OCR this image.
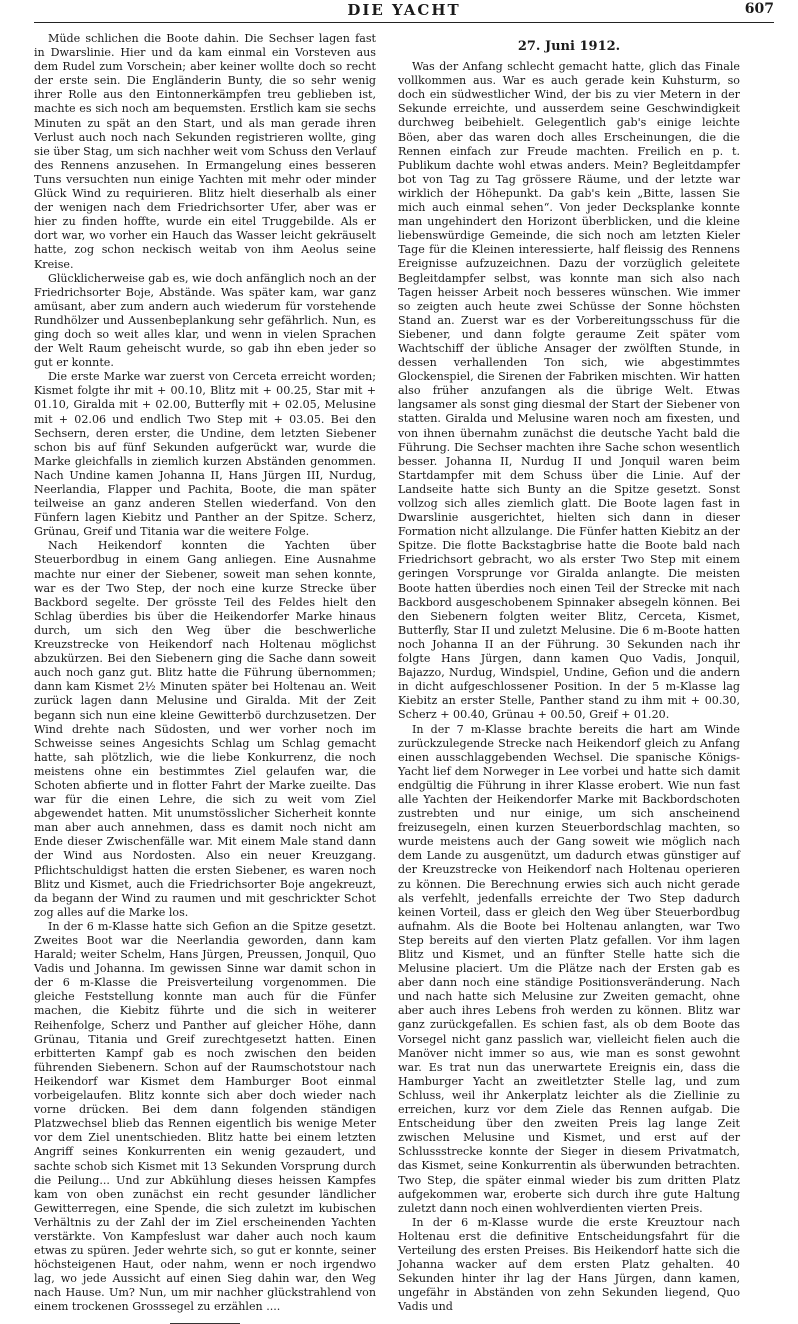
DIE YACHT	607

Müde schlichen die Boote dahin. Die Sechser lagen fast in Dwarslinie. Hier und da kam einmal ein Vorsteven aus dem Rudel zum Vorschein; aber keiner wollte doch so recht der erste sein. Die Engländerin Bunty, die so sehr wenig ihrer Rolle aus den Eintonnerkämpfen treu geblieben ist, machte es sich noch am bequemsten. Erstlich kam sie sechs Minuten zu spät an den Start, und als man gerade ihren Verlust auch noch nach Sekunden registrieren wollte, ging sie über Stag, um sich nachher weit vom Schuss den Verlauf des Rennens anzusehen. In Ermangelung eines besseren Tuns versuchten nun einige Yachten mit mehr oder minder Glück Wind zu requirieren. Blitz hielt dieserhalb als einer der wenigen nach dem Friedrichsorter Ufer, aber was er hier zu finden hoffte, wurde ein eitel Truggebilde. Als er dort war, wo vorher ein Hauch das Wasser leicht gekräuselt hatte, zog schon neckisch weitab von ihm Aeolus seine Kreise.

Glücklicherweise gab es, wie doch anfänglich noch an der Friedrichsorter Boje, Abstände. Was später kam, war ganz amüsant, aber zum andern auch wiederum für vorstehende Rundhölzer und Aussenbeplankung sehr gefährlich. Nun, es ging doch so weit alles klar, und wenn in vielen Sprachen der Welt Raum geheischt wurde, so gab ihn eben jeder so gut er konnte.

Die erste Marke war zuerst von Cerceta erreicht worden; Kismet folgte ihr mit + 00.10, Blitz mit + 00.25, Star mit + 01.10, Giralda mit + 02.00, Butterfly mit + 02.05, Melusine mit + 02.06 und endlich Two Step mit + 03.05. Bei den Sechsern, deren erster, die Undine, dem letzten Siebener schon bis auf fünf Sekunden aufgerückt war, wurde die Marke gleichfalls in ziemlich kurzen Abständen genommen. Nach Undine kamen Johanna II, Hans Jürgen III, Nurdug, Neerlandia, Flapper und Pachita, Boote, die man später teilweise an ganz anderen Stellen wiederfand. Von den Fünfern lagen Kiebitz und Panther an der Spitze. Scherz, Grünau, Greif und Titania war die weitere Folge.

Nach Heikendorf konnten die Yachten über Steuerbordbug in einem Gang anliegen. Eine Ausnahme machte nur einer der Siebener, soweit man sehen konnte, war es der Two Step, der noch eine kurze Strecke über Backbord segelte. Der grösste Teil des Feldes hielt den Schlag überdies bis über die Heikendorfer Marke hinaus durch, um sich den Weg über die beschwerliche Kreuzstrecke von Heikendorf nach Holtenau möglichst abzukürzen. Bei den Siebenern ging die Sache dann soweit auch noch ganz gut. Blitz hatte die Führung übernommen; dann kam Kismet 2½ Minuten später bei Holtenau an. Weit zurück lagen dann Melusine und Giralda. Mit der Zeit begann sich nun eine kleine Gewitterbö durchzusetzen. Der Wind drehte nach Südosten, und wer vorher noch im Schweisse seines Angesichts Schlag um Schlag gemacht hatte, sah plötzlich, wie die liebe Konkurrenz, die noch meistens ohne ein bestimmtes Ziel gelaufen war, die Schoten abfierte und in flotter Fahrt der Marke zueilte. Das war für die einen Lehre, die sich zu weit vom Ziel abgewendet hatten. Mit unumstösslicher Sicherheit konnte man aber auch annehmen, dass es damit noch nicht am Ende dieser Zwischenfälle war. Mit einem Male stand dann der Wind aus Nordosten. Also ein neuer Kreuzgang. Pflichtschuldigst hatten die ersten Siebener, es waren noch Blitz und Kismet, auch die Friedrichsorter Boje angekreuzt, da begann der Wind zu raumen und mit geschrickter Schot zog alles auf die Marke los.

In der 6 m-Klasse hatte sich Gefion an die Spitze gesetzt. Zweites Boot war die Neerlandia geworden, dann kam Harald; weiter Schelm, Hans Jürgen, Preussen, Jonquil, Quo Vadis und Johanna. Im gewissen Sinne war damit schon in der 6 m-Klasse die Preisverteilung vorgenommen. Die gleiche Feststellung konnte man auch für die Fünfer machen, die Kiebitz führte und die sich in weiterer Reihenfolge, Scherz und Panther auf gleicher Höhe, dann Grünau, Titania und Greif zurechtgesetzt hatten. Einen erbitterten Kampf gab es noch zwischen den beiden führenden Siebenern. Schon auf der Raumschotstour nach Heikendorf war Kismet dem Hamburger Boot einmal vorbeigelaufen. Blitz konnte sich aber doch wieder nach vorne drücken. Bei dem dann folgenden ständigen Platzwechsel blieb das Rennen eigentlich bis wenige Meter vor dem Ziel unentschieden. Blitz hatte bei einem letzten Angriff seines Konkurrenten ein wenig gezaudert, und sachte schob sich Kismet mit 13 Sekunden Vorsprung durch die Peilung... Und zur Abkühlung dieses heissen Kampfes kam von oben zunächst ein recht gesunder ländlicher Gewitterregen, eine Spende, die sich zuletzt im kubischen Verhältnis zu der Zahl der im Ziel erscheinenden Yachten verstärkte. Von Kampfeslust war daher auch noch kaum etwas zu spüren. Jeder wehrte sich, so gut er konnte, seiner höchsteigenen Haut, oder nahm, wenn er noch irgendwo lag, wo jede Aussicht auf einen Sieg dahin war, den Weg nach Hause. Um? Nun, um mir nachher glückstrahlend von einem trockenen Grosssegel zu erzählen ....

27. Juni 1912.

Was der Anfang schlecht gemacht hatte, glich das Finale vollkommen aus. War es auch gerade kein Kuhsturm, so doch ein südwestlicher Wind, der bis zu vier Metern in der Sekunde erreichte, und ausserdem seine Geschwindigkeit durchweg beibehielt. Gelegentlich gab's einige leichte Böen, aber das waren doch alles Erscheinungen, die die Rennen einfach zur Freude machten. Freilich en p. t. Publikum dachte wohl etwas anders. Mein? Begleitdampfer bot von Tag zu Tag grössere Räume, und der letzte war wirklich der Höhepunkt. Da gab's kein „Bitte, lassen Sie mich auch einmal sehen“. Von jeder Decksplanke konnte man ungehindert den Horizont überblicken, und die kleine liebenswürdige Gemeinde, die sich noch am letzten Kieler Tage für die Kleinen interessierte, half fleissig des Rennens Ereignisse aufzuzeichnen. Dazu der vorzüglich geleitete Begleitdampfer selbst, was konnte man sich also nach Tagen heisser Arbeit noch besseres wünschen. Wie immer so zeigten auch heute zwei Schüsse der Sonne höchsten Stand an. Zuerst war es der Vorbereitungsschuss für die Siebener, und dann folgte geraume Zeit später vom Wachtschiff der übliche Ansager der zwölften Stunde, in dessen verhallenden Ton sich, wie abgestimmtes Glockenspiel, die Sirenen der Fabriken mischten. Wir hatten also früher anzufangen als die übrige Welt. Etwas langsamer als sonst ging diesmal der Start der Siebener von statten. Giralda und Melusine waren noch am fixesten, und von ihnen übernahm zunächst die deutsche Yacht bald die Führung. Die Sechser machten ihre Sache schon wesentlich besser. Johanna II, Nurdug II und Jonquil waren beim Startdampfer mit dem Schuss über die Linie. Auf der Landseite hatte sich Bunty an die Spitze gesetzt. Sonst vollzog sich alles ziemlich glatt. Die Boote lagen fast in Dwarslinie ausgerichtet, hielten sich dann in dieser Formation nicht allzulange. Die Fünfer hatten Kiebitz an der Spitze. Die flotte Backstagbrise hatte die Boote bald nach Friedrichsort gebracht, wo als erster Two Step mit einem geringen Vorsprunge vor Giralda anlangte. Die meisten Boote hatten überdies noch einen Teil der Strecke mit nach Backbord ausgeschobenem Spinnaker absegeln können. Bei den Siebenern folgten weiter Blitz, Cerceta, Kismet, Butterfly, Star II und zuletzt Melusine. Die 6 m-Boote hatten noch Johanna II an der Führung. 30 Sekunden nach ihr folgte Hans Jürgen, dann kamen Quo Vadis, Jonquil, Bajazzo, Nurdug, Windspiel, Undine, Gefion und die andern in dicht aufgeschlossener Position. In der 5 m-Klasse lag Kiebitz an erster Stelle, Panther stand zu ihm mit + 00.30, Scherz + 00.40, Grünau + 00.50, Greif + 01.20.

In der 7 m-Klasse brachte bereits die hart am Winde zurückzulegende Strecke nach Heikendorf gleich zu Anfang einen ausschlaggebenden Wechsel. Die spanische Königs-Yacht lief dem Norweger in Lee vorbei und hatte sich damit endgültig die Führung in ihrer Klasse erobert. Wie nun fast alle Yachten der Heikendorfer Marke mit Backbordschoten zustrebten und nur einige, um sich anscheinend freizusegeln, einen kurzen Steuerbordschlag machten, so wurde meistens auch der Gang soweit wie möglich nach dem Lande zu ausgenützt, um dadurch etwas günstiger auf der Kreuzstrecke von Heikendorf nach Holtenau operieren zu können. Die Berechnung erwies sich auch nicht gerade als verfehlt, jedenfalls erreichte der Two Step dadurch keinen Vorteil, dass er gleich den Weg über Steuerbordbug aufnahm. Als die Boote bei Holtenau anlangten, war Two Step bereits auf den vierten Platz gefallen. Vor ihm lagen Blitz und Kismet, und an fünfter Stelle hatte sich die Melusine placiert. Um die Plätze nach der Ersten gab es aber dann noch eine ständige Positionsveränderung. Nach und nach hatte sich Melusine zur Zweiten gemacht, ohne aber auch ihres Lebens froh werden zu können. Blitz war ganz zurückgefallen. Es schien fast, als ob dem Boote das Vorsegel nicht ganz passlich war, vielleicht fielen auch die Manöver nicht immer so aus, wie man es sonst gewohnt war. Es trat nun das unerwartete Ereignis ein, dass die Hamburger Yacht an zweitletzter Stelle lag, und zum Schluss, weil ihr Ankerplatz leichter als die Ziellinie zu erreichen, kurz vor dem Ziele das Rennen aufgab. Die Entscheidung über den zweiten Preis lag lange Zeit zwischen Melusine und Kismet, und erst auf der Schlussstrecke konnte der Sieger in diesem Privatmatch, das Kismet, seine Konkurrentin als überwunden betrachten. Two Step, die später einmal wieder bis zum dritten Platz aufgekommen war, eroberte sich durch ihre gute Haltung zuletzt dann noch einen wohlverdienten vierten Preis.

In der 6 m-Klasse wurde die erste Kreuztour nach Holtenau erst die definitive Entscheidungsfahrt für die Verteilung des ersten Preises. Bis Heikendorf hatte sich die Johanna wacker auf dem ersten Platz gehalten. 40 Sekunden hinter ihr lag der Hans Jürgen, dann kamen, ungefähr in Abständen von zehn Sekunden liegend, Quo Vadis und
